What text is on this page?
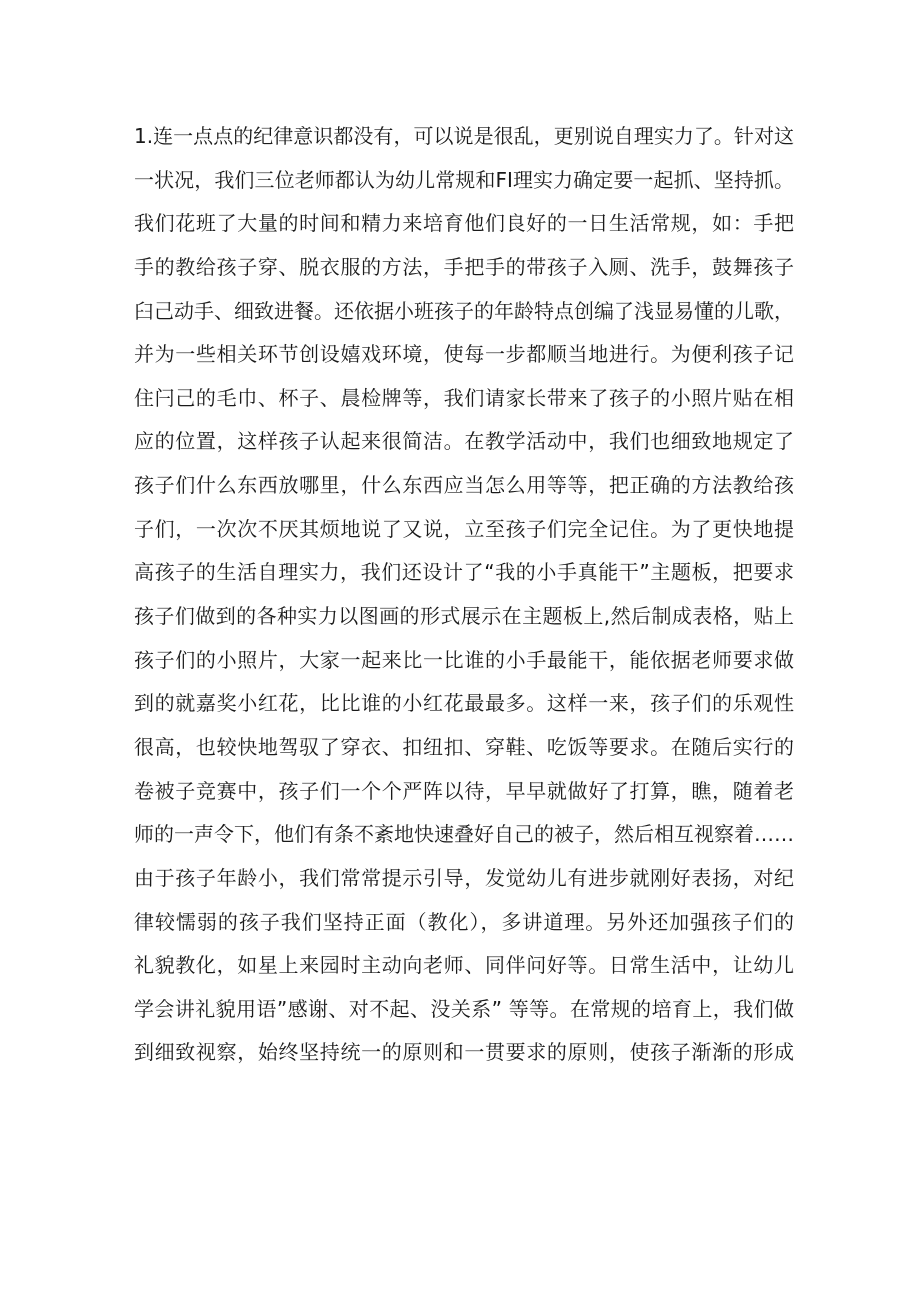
1.连一点点的纪律意识都没有，可以说是很乱，更别说自理实力了。针对这
一状况，我们三位老师都认为幼儿常规和FI理实力确定要一起抓、坚持抓。
我们花班了大量的时间和精力来培育他们良好的一日生活常规，如：手把
手的教给孩子穿、脱衣服的方法，手把手的带孩子入厕、洗手，鼓舞孩子
臼己动手、细致进餐。还依据小班孩子的年龄特点创编了浅显易懂的儿歌，
并为一些相关环节创设嬉戏环境，使每一步都顺当地进行。为便利孩子记
住闩己的毛巾、杯子、晨检牌等，我们请家长带来了孩子的小照片贴在相
应的位置，这样孩子认起来很简洁。在教学活动中，我们也细致地规定了
孩子们什么东西放哪里，什么东西应当怎么用等等，把正确的方法教给孩
子们，一次次不厌其烦地说了又说，立至孩子们完全记住。为了更快地提
高孩子的生活自理实力，我们还设计了“我的小手真能干”主题板，把要求
孩子们做到的各种实力以图画的形式展示在主题板上,然后制成表格，贴上
孩子们的小照片，大家一起来比一比谁的小手最能干，能依据老师要求做
到的就嘉奖小红花，比比谁的小红花最最多。这样一来，孩子们的乐观性
很高，也较快地驾驭了穿衣、扣纽扣、穿鞋、吃饭等要求。在随后实行的
卷被子竞赛中，孩子们一个个严阵以待，早早就做好了打算，瞧，随着老
师的一声令下，他们有条不紊地快速叠好自己的被子，然后相互视察着……
由于孩子年龄小，我们常常提示引导，发觉幼儿有进步就刚好表扬，对纪
律较懦弱的孩子我们坚持正面（教化），多讲道理。另外还加强孩子们的
礼貌教化，如星上来园时主动向老师、同伴问好等。日常生活中，让幼儿
学会讲礼貌用语”感谢、对不起、没关系” 等等。在常规的培育上，我们做
到细致视察，始终坚持统一的原则和一贯要求的原则，使孩子渐渐的形成
